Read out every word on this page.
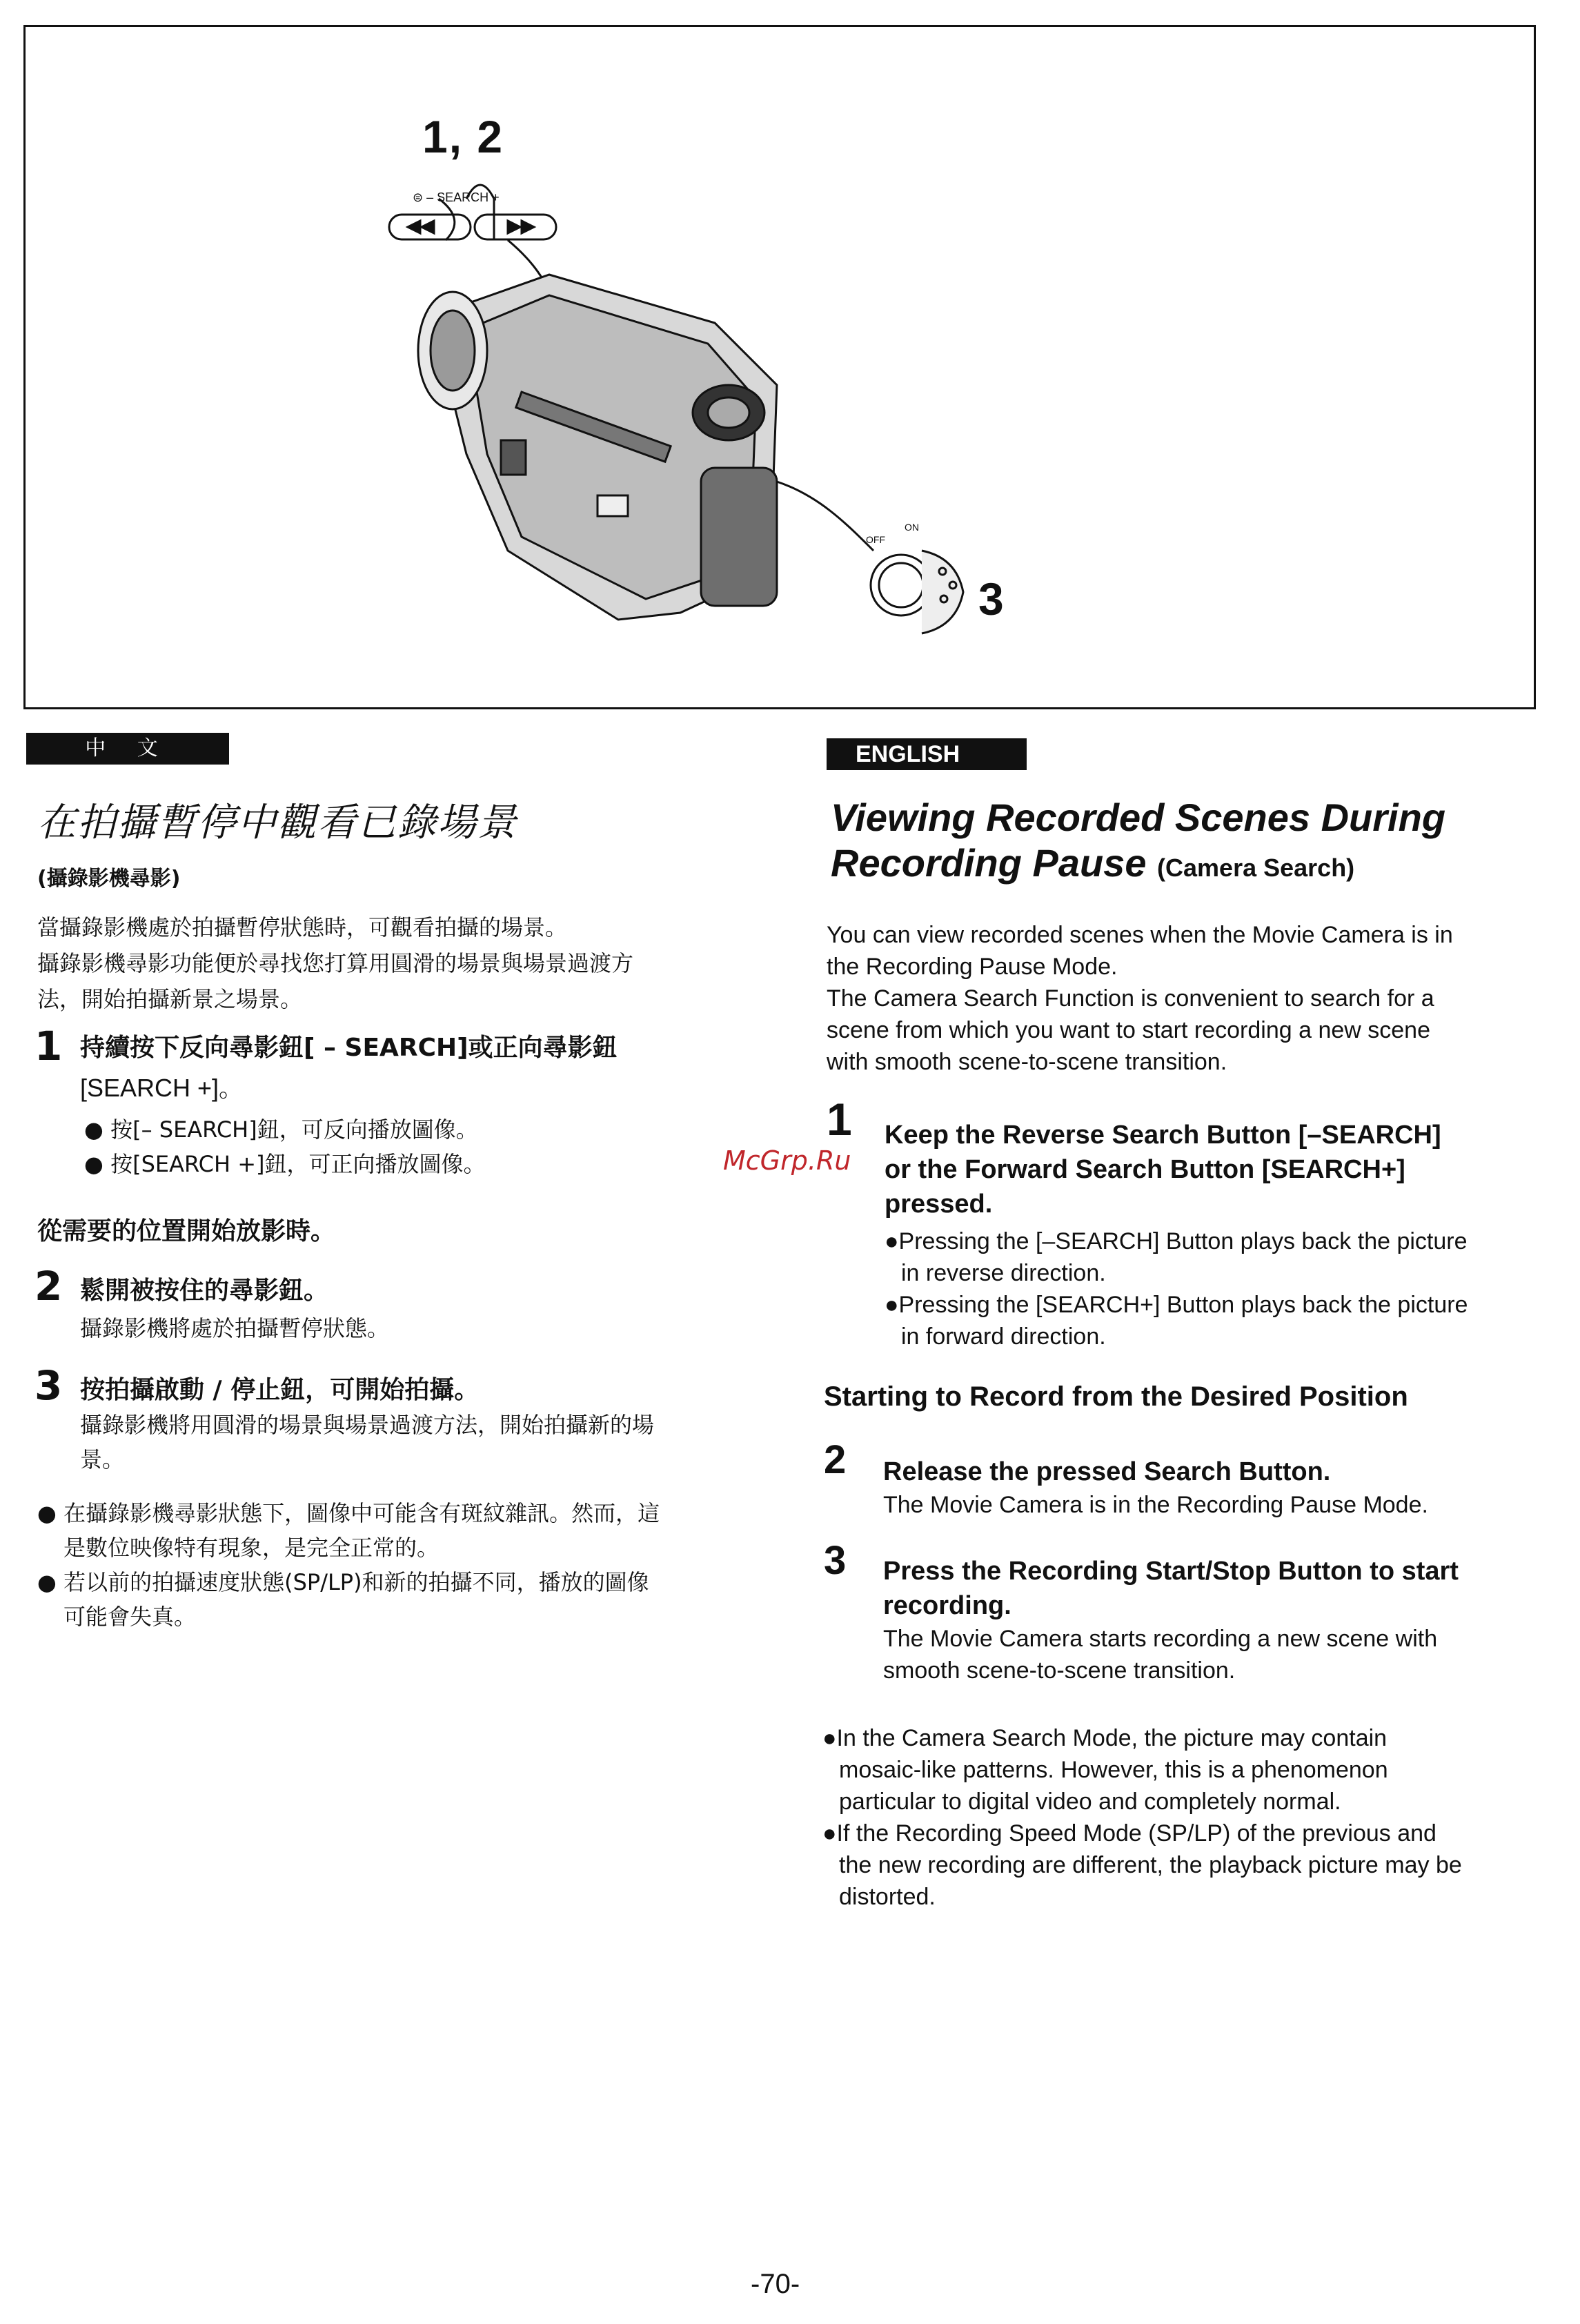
1, 2
⊜ – SEARCH +
ON
OFF
3
中 文
在拍攝暫停中觀看已錄場景
(攝錄影機尋影)
當攝錄影機處於拍攝暫停狀態時，可觀看拍攝的場景。
攝錄影機尋影功能便於尋找您打算用圓滑的場景與場景過渡方
法，開始拍攝新景之場景。
1 持續按下反向尋影鈕[ – SEARCH]或正向尋影鈕
[SEARCH +]。
● 按[– SEARCH]鈕，可反向播放圖像。
● 按[SEARCH +]鈕，可正向播放圖像。
從需要的位置開始放影時。
2 鬆開被按住的尋影鈕。
攝錄影機將處於拍攝暫停狀態。
3 按拍攝啟動 / 停止鈕，可開始拍攝。
攝錄影機將用圓滑的場景與場景過渡方法，開始拍攝新的場
景。
● 在攝錄影機尋影狀態下，圖像中可能含有斑紋雜訊。然而，這
是數位映像特有現象，是完全正常的。
● 若以前的拍攝速度狀態(SP/LP)和新的拍攝不同，播放的圖像
可能會失真。
McGrp.Ru
ENGLISH
Viewing Recorded Scenes During
Recording Pause (Camera Search)
You can view recorded scenes when the Movie Camera is in
the Recording Pause Mode.
The Camera Search Function is convenient to search for a
scene from which you want to start recording a new scene
with smooth scene-to-scene transition.
1 Keep the Reverse Search Button [–SEARCH]
or the Forward Search Button [SEARCH+]
pressed.
●Pressing the [–SEARCH] Button plays back the picture
in reverse direction.
●Pressing the [SEARCH+] Button plays back the picture
in forward direction.
Starting to Record from the Desired Position
2 Release the pressed Search Button.
The Movie Camera is in the Recording Pause Mode.
3 Press the Recording Start/Stop Button to start
recording.
The Movie Camera starts recording a new scene with
smooth scene-to-scene transition.
●In the Camera Search Mode, the picture may contain
mosaic-like patterns. However, this is a phenomenon
particular to digital video and completely normal.
●If the Recording Speed Mode (SP/LP) of the previous and
the new recording are different, the playback picture may be
distorted.
-70-
